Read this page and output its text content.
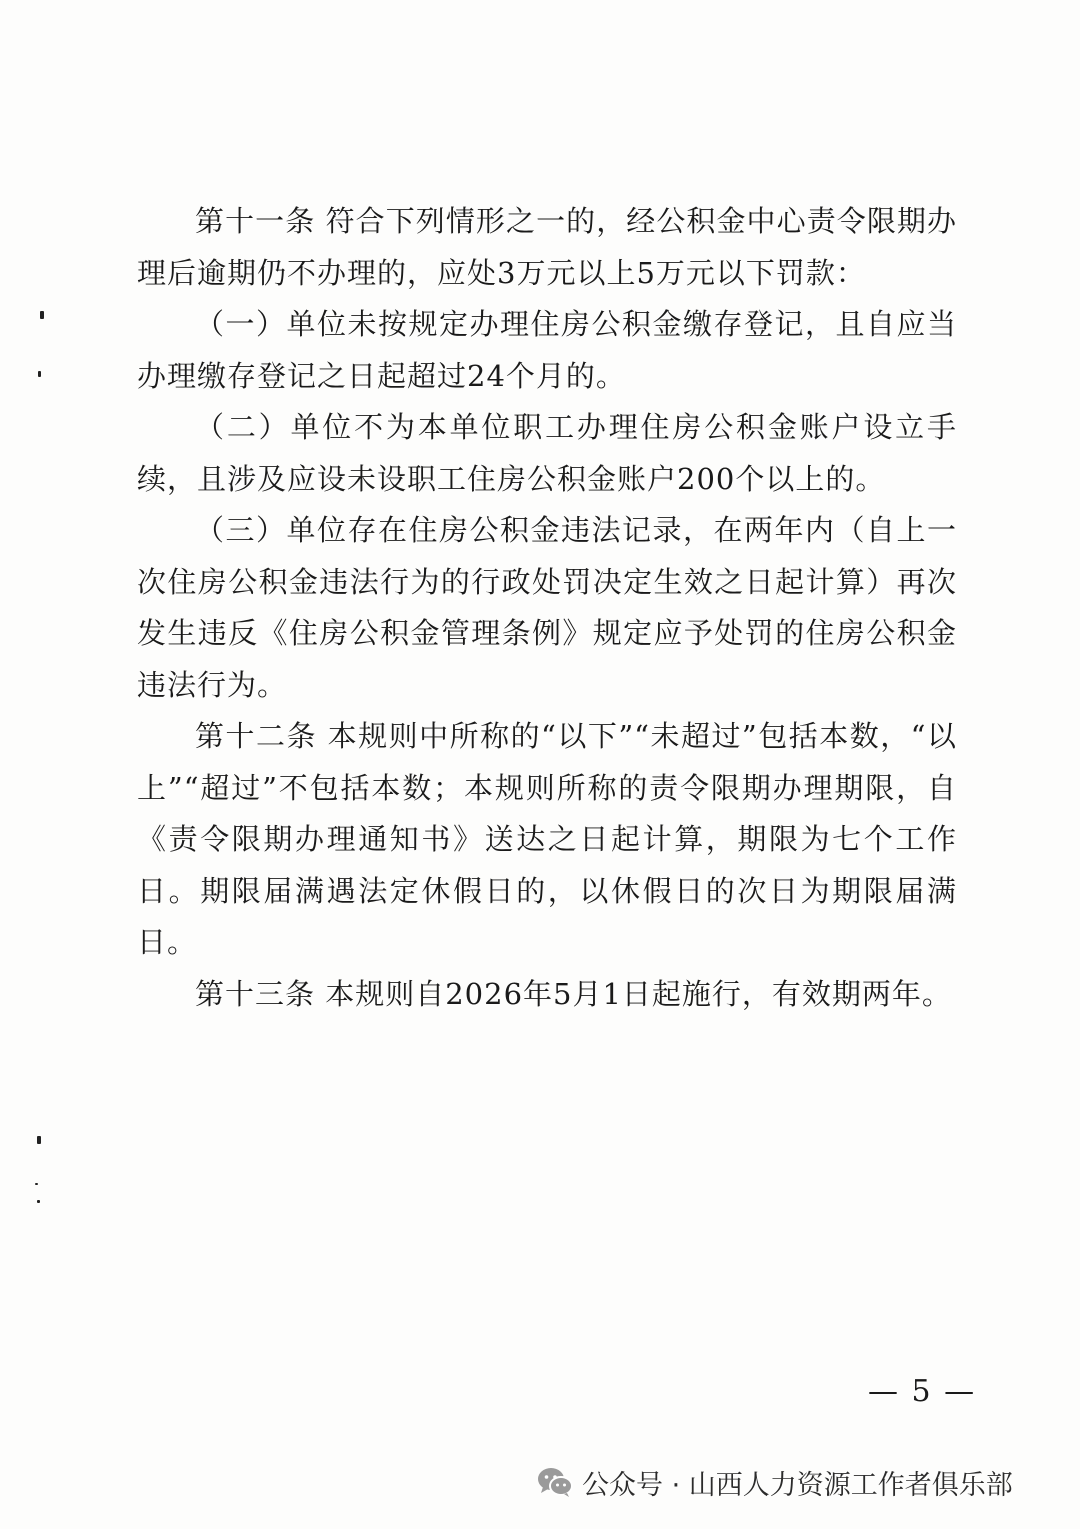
第十一条 符合下列情形之一的，经公积金中心责令限期办理后逾期仍不办理的，应处3万元以上5万元以下罚款：

（一）单位未按规定办理住房公积金缴存登记，且自应当办理缴存登记之日起超过24个月的。

（二）单位不为本单位职工办理住房公积金账户设立手续，且涉及应设未设职工住房公积金账户200个以上的。

（三）单位存在住房公积金违法记录，在两年内（自上一次住房公积金违法行为的行政处罚决定生效之日起计算）再次发生违反《住房公积金管理条例》规定应予处罚的住房公积金违法行为。

第十二条 本规则中所称的“以下”“未超过”包括本数，“以上”“超过”不包括本数；本规则所称的责令限期办理期限，自《责令限期办理通知书》送达之日起计算，期限为七个工作日。期限届满遇法定休假日的，以休假日的次日为期限届满日。

第十三条 本规则自2026年5月1日起施行，有效期两年。

— 5 —
公众号 · 山西人力资源工作者俱乐部
